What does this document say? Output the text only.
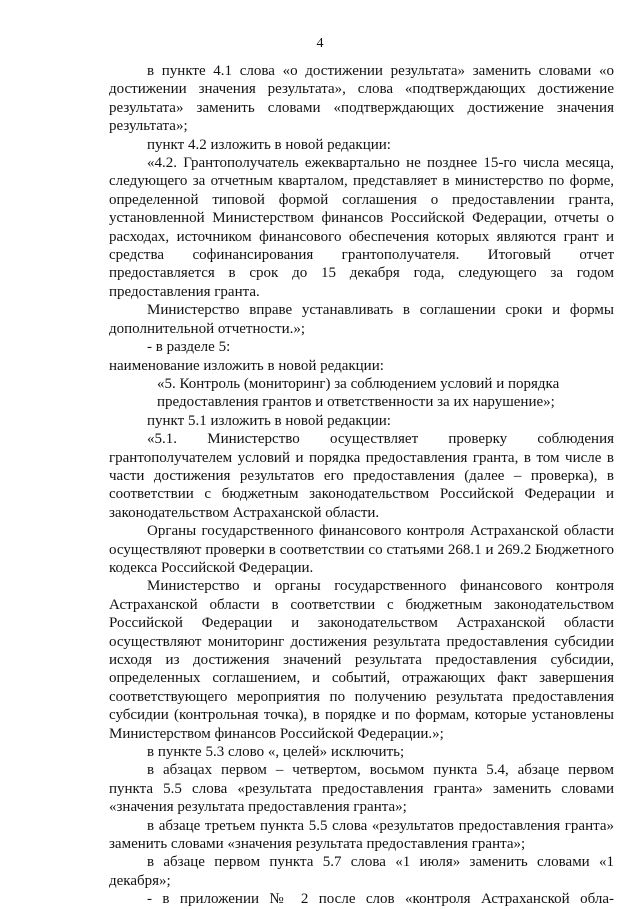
4

в пункте 4.1 слова «о достижении результата» заменить словами «о достижении значения результата», слова «подтверждающих достижение результата» заменить словами «подтверждающих достижение значения результата»;

пункт 4.2 изложить в новой редакции:

«4.2. Грантополучатель ежеквартально не позднее 15-го числа месяца, следующего за отчетным кварталом, представляет в министерство по форме, определенной типовой формой соглашения о предоставлении гранта, установленной Министерством финансов Российской Федерации, отчеты о расходах, источником финансового обеспечения которых являются грант и средства софинансирования грантополучателя. Итоговый отчет предоставляется в срок до 15 декабря года, следующего за годом предоставления гранта.

Министерство вправе устанавливать в соглашении сроки и формы дополнительной отчетности.»;

- в разделе 5:

наименование изложить в новой редакции:

«5. Контроль (мониторинг) за соблюдением условий и порядка

предоставления грантов и ответственности за их нарушение»;

пункт 5.1 изложить в новой редакции:

«5.1. Министерство осуществляет проверку соблюдения грантополучателем условий и порядка предоставления гранта, в том числе в части достижения результатов его предоставления (далее – проверка), в соответствии с бюджетным законодательством Российской Федерации и законодательством Астраханской области.

Органы государственного финансового контроля Астраханской области осуществляют проверки в соответствии со статьями 268.1 и 269.2 Бюджетного кодекса Российской Федерации.

Министерство и органы государственного финансового контроля Астраханской области в соответствии с бюджетным законодательством Российской Федерации и законодательством Астраханской области осуществляют мониторинг достижения результата предоставления субсидии исходя из достижения значений результата предоставления субсидии, определенных соглашением, и событий, отражающих факт завершения соответствующего мероприятия по получению результата предоставления субсидии (контрольная точка), в порядке и по формам, которые установлены Министерством финансов Российской Федерации.»;

в пункте 5.3 слово «, целей» исключить;

в абзацах первом – четвертом, восьмом пункта 5.4, абзаце первом пункта 5.5 слова «результата предоставления гранта» заменить словами «значения результата предоставления гранта»;

в абзаце третьем пункта 5.5 слова «результатов предоставления гранта» заменить словами «значения результата предоставления гранта»;

в абзаце первом пункта 5.7 слова «1 июля» заменить словами «1 декабря»;

- в приложении № 2 после слов «контроля Астраханской обла-
